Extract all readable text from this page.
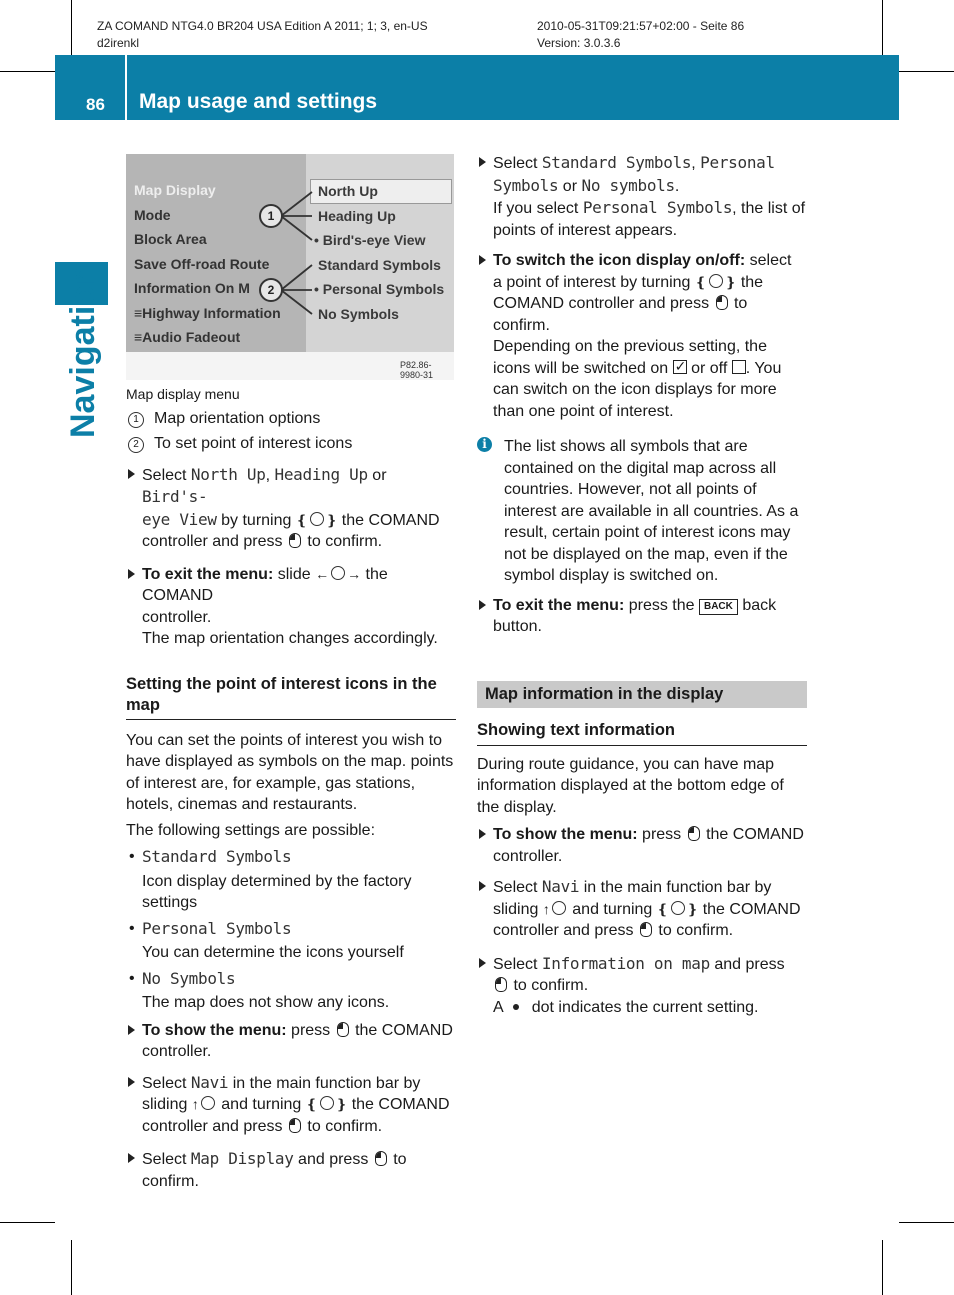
ZA COMAND NTG4.0 BR204 USA Edition A 2011; 1; 3, en-US
d2irenkl
2010-05-31T09:21:57+02:00 - Seite 86
Version: 3.0.3.6
86 Map usage and settings
Navigation
Map Display
Mode
Block Area
Save Off-road Route
Information On M
≡Highway Information
≡Audio Fadeout
North Up
Heading Up
• Bird's-eye View
Standard Symbols
• Personal Symbols
No Symbols
1
2
P82.86-9980-31
Map display menu
1 Map orientation options
2 To set point of interest icons
Select North Up, Heading Up or Bird's-
eye View by turning ❴ ❵ the COMAND
controller and press to confirm.
To exit the menu: slide ← → the COMAND
controller.
The map orientation changes accordingly.
Setting the point of interest icons in the map
You can set the points of interest you wish to have displayed as symbols on the map. points of interest are, for example, gas stations, hotels, cinemas and restaurants.
The following settings are possible:
• Standard Symbols
Icon display determined by the factory settings
• Personal Symbols
You can determine the icons yourself
• No Symbols
The map does not show any icons.
To show the menu: press the COMAND
controller.
Select Navi in the main function bar by
sliding ↑ and turning ❴ ❵ the COMAND
controller and press to confirm.
Select Map Display and press to
confirm.
Select Standard Symbols, Personal
Symbols or No symbols.
If you select Personal Symbols, the list of
points of interest appears.
To switch the icon display on/off: select
a point of interest by turning ❴ ❵ the
COMAND controller and press to
confirm.
Depending on the previous setting, the
icons will be switched on ✓ or off . You
can switch on the icon displays for more
than one point of interest.
i	The list shows all symbols that are contained on the digital map across all countries. However, not all points of interest are available in all countries. As a result, certain point of interest icons may not be displayed on the map, even if the symbol display is switched on.
To exit the menu: press the BACK back
button.
Map information in the display
Showing text information
During route guidance, you can have map information displayed at the bottom edge of the display.
To show the menu: press the COMAND
controller.
Select Navi in the main function bar by
sliding ↑ and turning ❴ ❵ the COMAND
controller and press to confirm.
Select Information on map and press
to confirm.
A dot indicates the current setting.
